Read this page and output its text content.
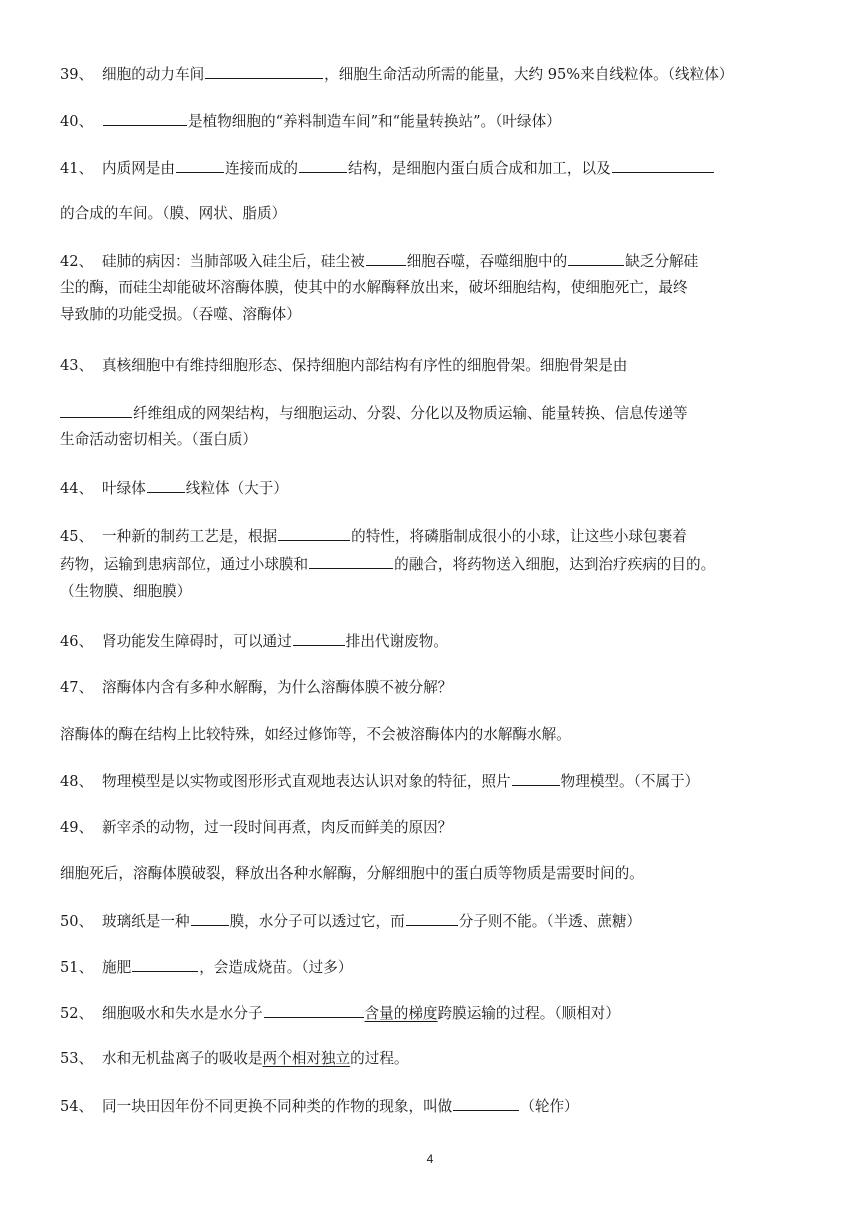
39、 细胞的动力车间	，细胞生命活动所需的能量，大约 95%来自线粒体。（线粒体）
40、	是植物细胞的“养料制造车间”和“能量转换站”。（叶绿体）
41、 内质网是由	连接而成的	结构，是细胞内蛋白质合成和加工，以及
的合成的车间。（膜、网状、脂质）
42、 硅肺的病因：当肺部吸入硅尘后，硅尘被	细胞吞噬，吞噬细胞中的	缺乏分解硅
尘的酶，而硅尘却能破坏溶酶体膜，使其中的水解酶释放出来，破坏细胞结构，使细胞死亡，最终
导致肺的功能受损。（吞噬、溶酶体）
43、 真核细胞中有维持细胞形态、保持细胞内部结构有序性的细胞骨架。细胞骨架是由
纤维组成的网架结构，与细胞运动、分裂、分化以及物质运输、能量转换、信息传递等
生命活动密切相关。（蛋白质）
44、 叶绿体	线粒体（大于）
45、 一种新的制药工艺是，根据	的特性，将磷脂制成很小的小球，让这些小球包裹着
药物，运输到患病部位，通过小球膜和	的融合，将药物送入细胞，达到治疗疾病的目的。
（生物膜、细胞膜）
46、 肾功能发生障碍时，可以通过	排出代谢废物。
47、 溶酶体内含有多种水解酶，为什么溶酶体膜不被分解？
溶酶体的酶在结构上比较特殊，如经过修饰等，不会被溶酶体内的水解酶水解。
48、 物理模型是以实物或图形形式直观地表达认识对象的特征，照片	物理模型。（不属于）
49、 新宰杀的动物，过一段时间再煮，肉反而鲜美的原因？
细胞死后，溶酶体膜破裂，释放出各种水解酶，分解细胞中的蛋白质等物质是需要时间的。
50、 玻璃纸是一种	膜，水分子可以透过它，而	分子则不能。（半透、蔗糖）
51、 施肥	，会造成烧苗。（过多）
52、 细胞吸水和失水是水分子	含量的梯度跨膜运输的过程。（顺相对）
53、 水和无机盐离子的吸收是两个相对独立的过程。
54、 同一块田因年份不同更换不同种类的作物的现象，叫做	（轮作）
4
